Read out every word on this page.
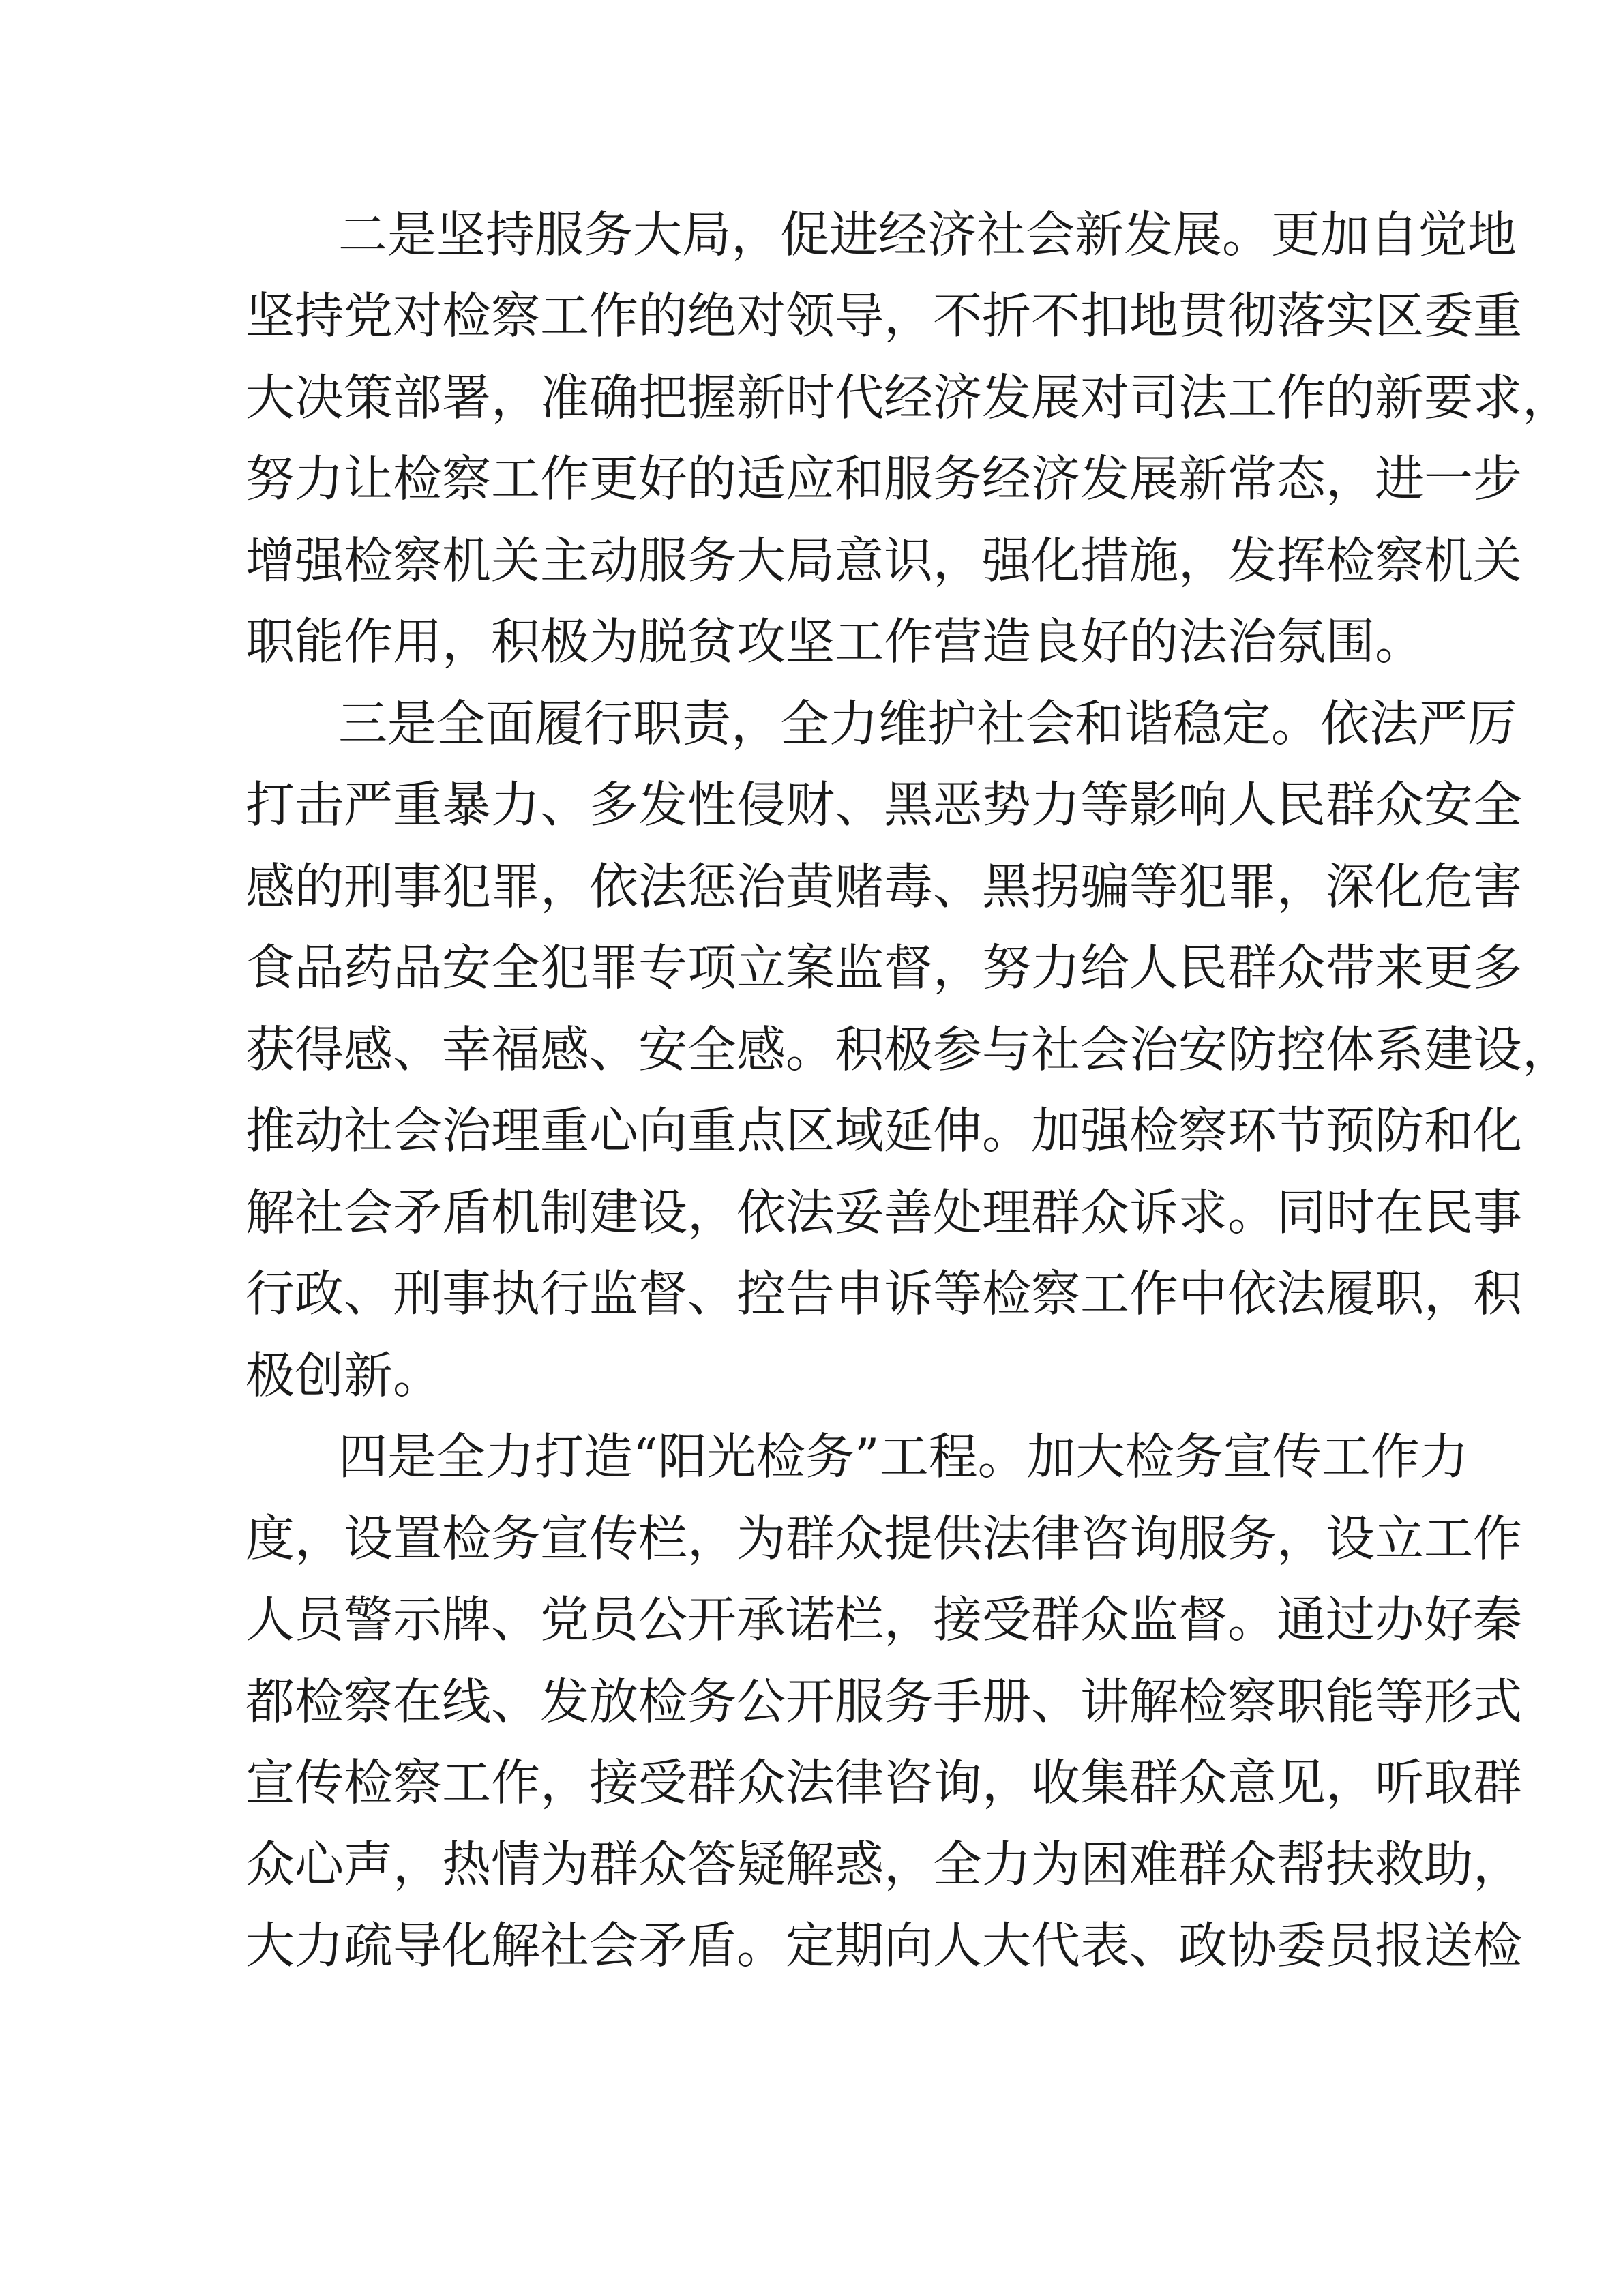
二是坚持服务大局，促进经济社会新发展。更加自觉地

坚持党对检察工作的绝对领导，不折不扣地贯彻落实区委重

大决策部署，准确把握新时代经济发展对司法工作的新要求，

努力让检察工作更好的适应和服务经济发展新常态，进一步

增强检察机关主动服务大局意识，强化措施，发挥检察机关

职能作用，积极为脱贫攻坚工作营造良好的法治氛围。

三是全面履行职责，全力维护社会和谐稳定。依法严厉

打击严重暴力、多发性侵财、黑恶势力等影响人民群众安全

感的刑事犯罪，依法惩治黄赌毒、黑拐骗等犯罪，深化危害

食品药品安全犯罪专项立案监督，努力给人民群众带来更多

获得感、幸福感、安全感。积极参与社会治安防控体系建设，

推动社会治理重心向重点区域延伸。加强检察环节预防和化

解社会矛盾机制建设，依法妥善处理群众诉求。同时在民事

行政、刑事执行监督、控告申诉等检察工作中依法履职，积

极创新。

四是全力打造“阳光检务”工程。加大检务宣传工作力

度，设置检务宣传栏，为群众提供法律咨询服务，设立工作

人员警示牌、党员公开承诺栏，接受群众监督。通过办好秦

都检察在线、发放检务公开服务手册、讲解检察职能等形式

宣传检察工作，接受群众法律咨询，收集群众意见，听取群

众心声，热情为群众答疑解惑，全力为困难群众帮扶救助，

大力疏导化解社会矛盾。定期向人大代表、政协委员报送检
